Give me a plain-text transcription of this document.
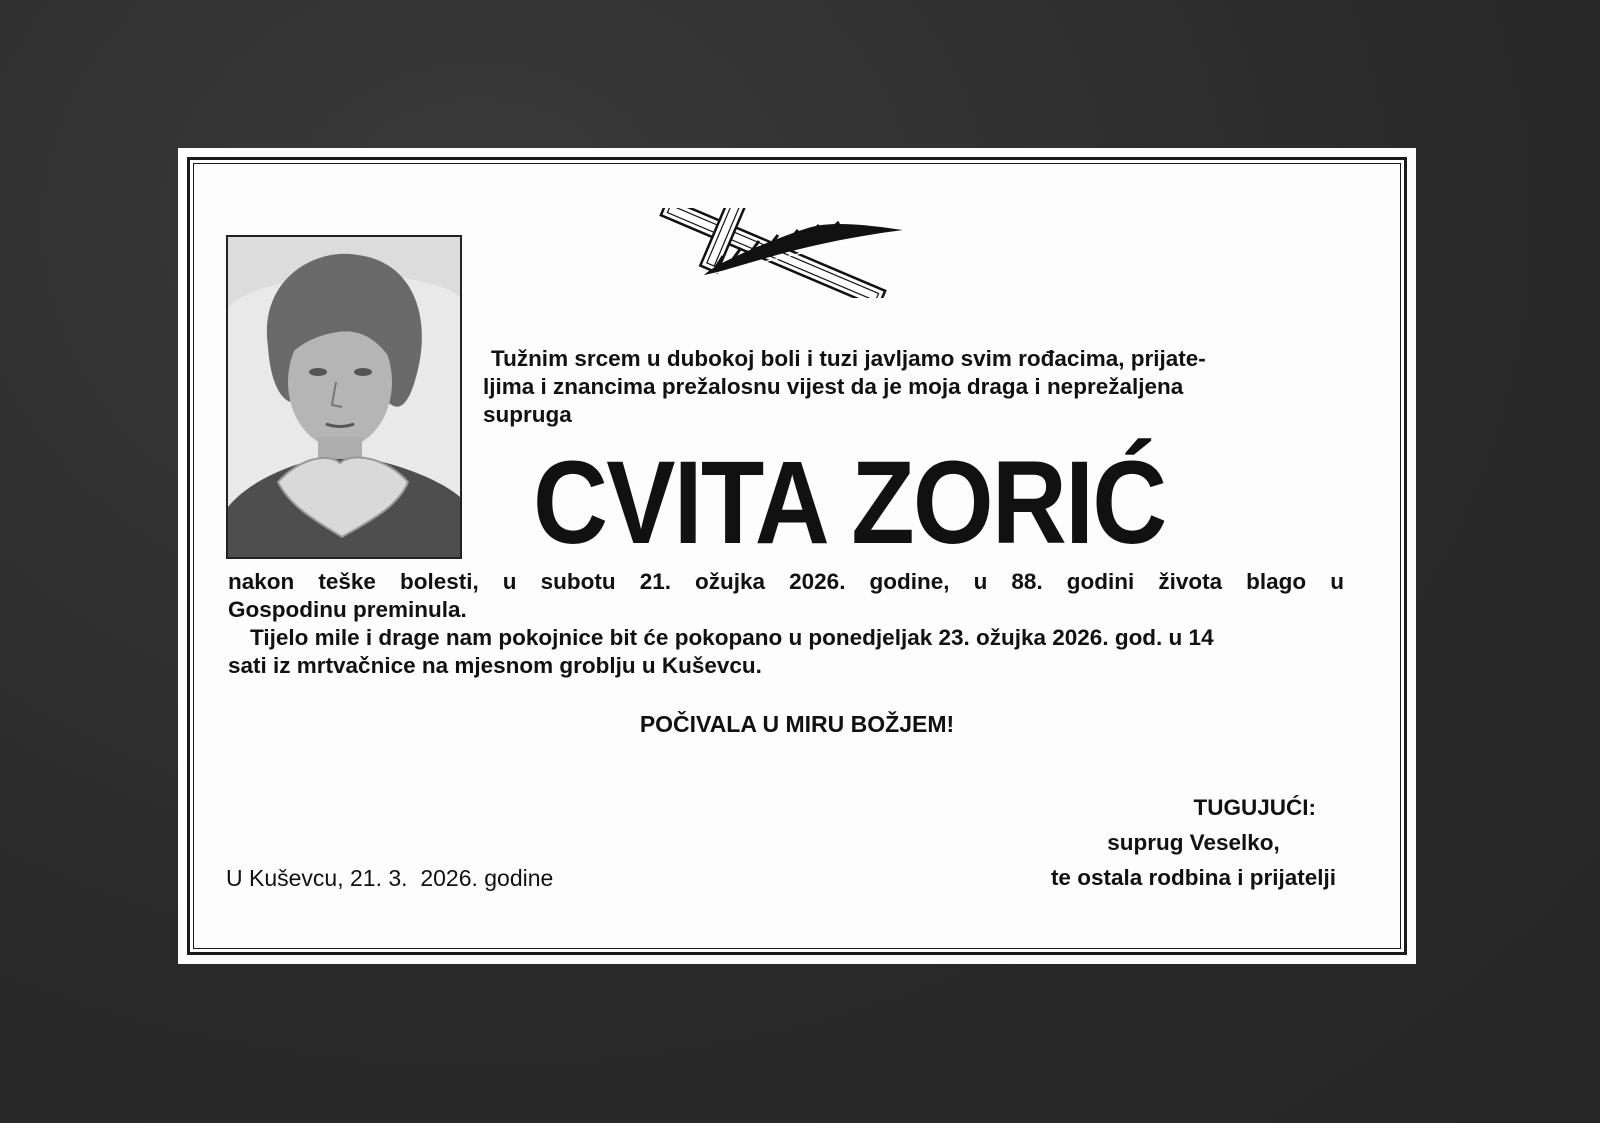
Tužnim srcem u dubokoj boli i tuzi javljamo svim rođacima, prijate-
ljima i znancima prežalosnu vijest da je moja draga i neprežaljena
supruga
CVITA ZORIĆ

nakon teške bolesti, u subotu 21. ožujka 2026. godine, u 88. godini života blago u

Gospodinu preminula.

Tijelo mile i drage nam pokojnice bit će pokopano u ponedjeljak 23. ožujka 2026. god. u 14

sati iz mrtvačnice na mjesnom groblju u Kuševcu.

POČIVALA U MIRU BOŽJEM!
TUGUJUĆI:
suprug Veselko,
te ostala rodbina i prijatelji
U Kuševcu, 21. 3.  2026. godine
